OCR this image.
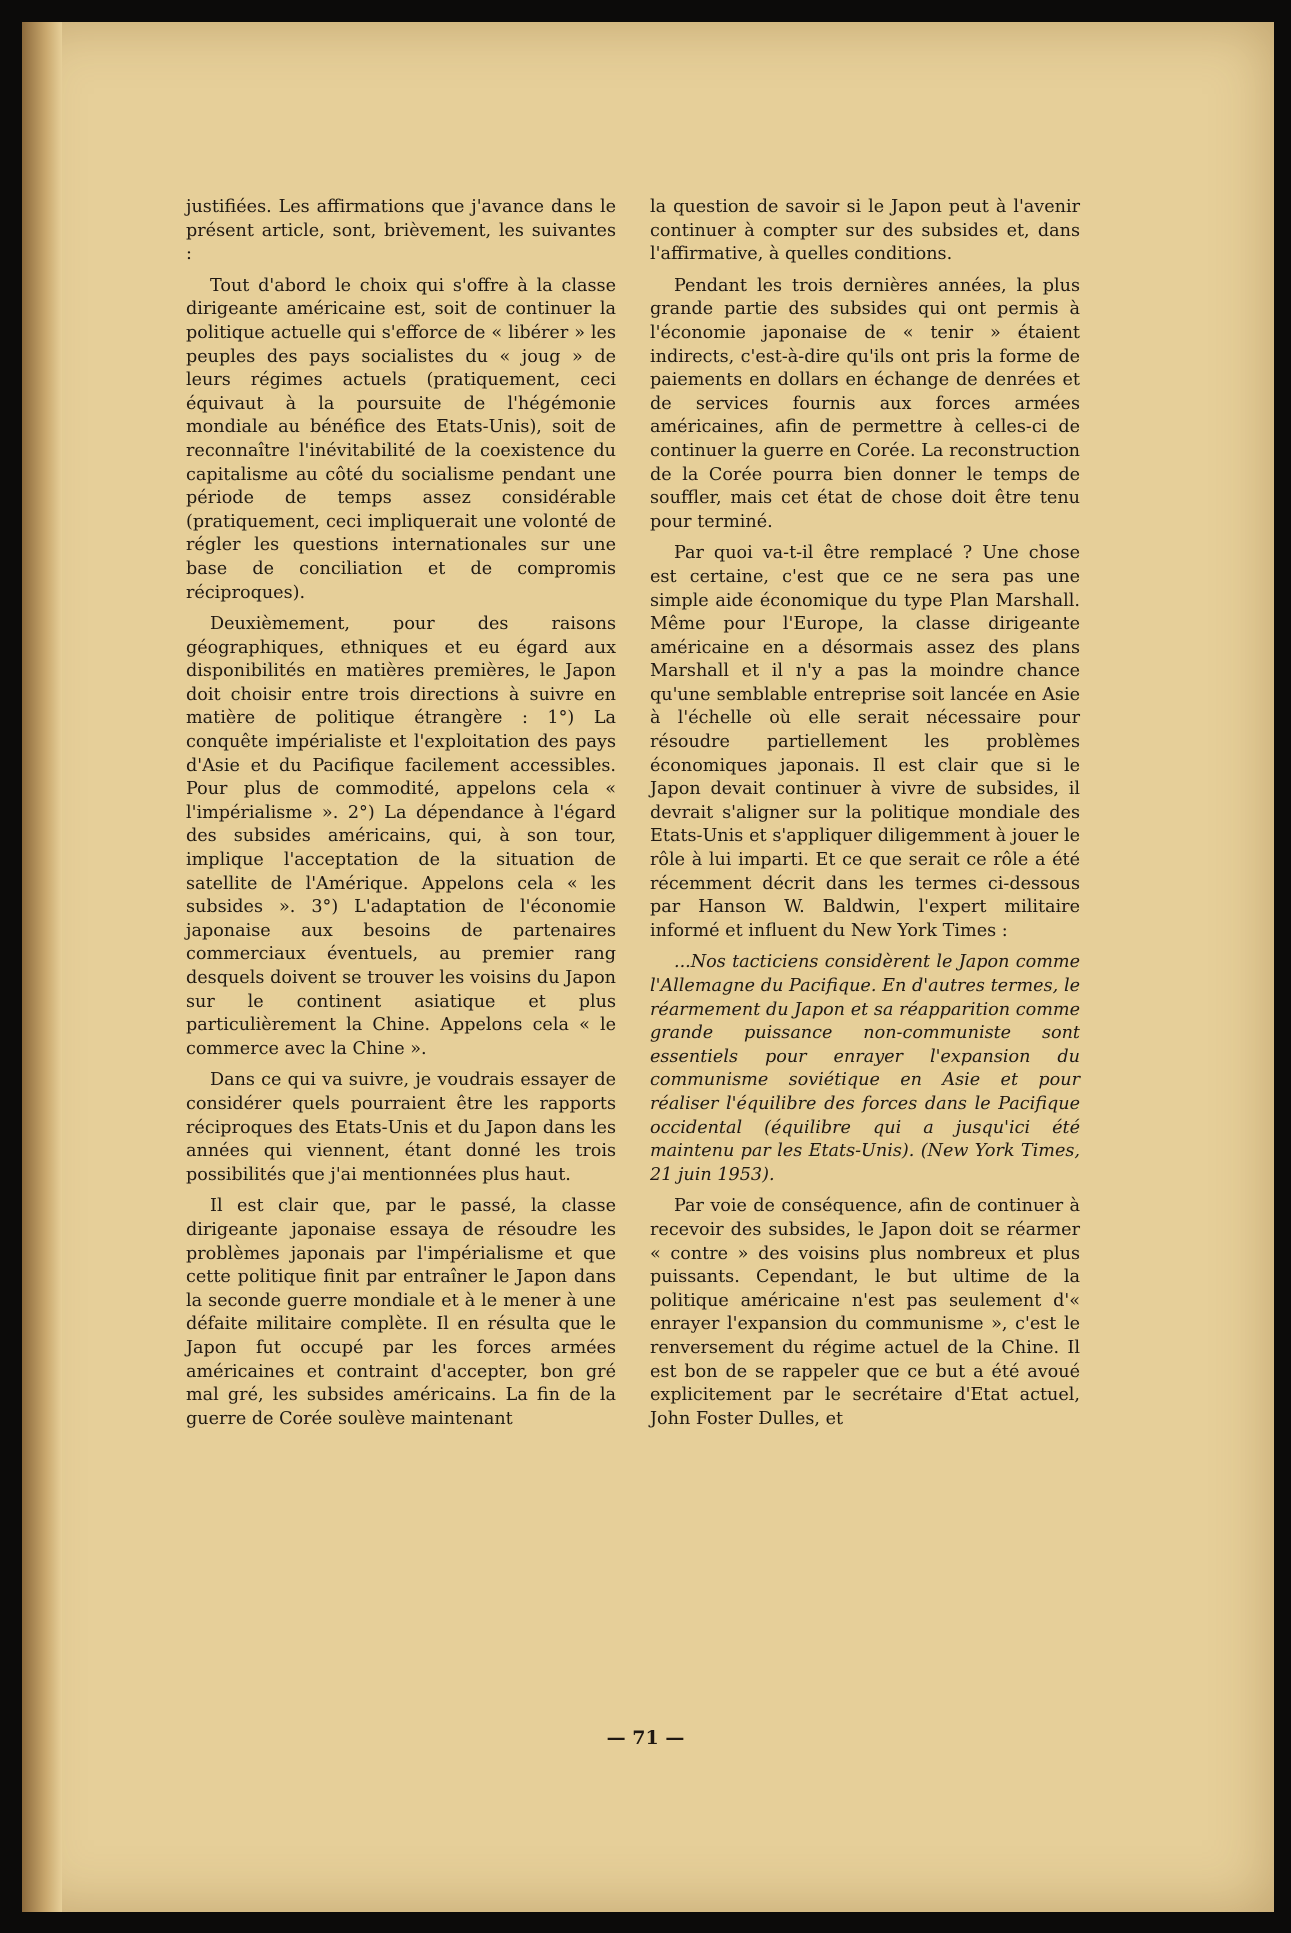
justifiées. Les affirmations que j'avance dans le présent article, sont, brièvement, les suivantes :

Tout d'abord le choix qui s'offre à la classe dirigeante américaine est, soit de continuer la politique actuelle qui s'efforce de « libérer » les peuples des pays socialistes du « joug » de leurs régimes actuels (pratiquement, ceci équivaut à la poursuite de l'hégémonie mondiale au bénéfice des Etats-Unis), soit de reconnaître l'inévitabilité de la coexistence du capitalisme au côté du socialisme pendant une période de temps assez considérable (pratiquement, ceci impliquerait une volonté de régler les questions internationales sur une base de conciliation et de compromis réciproques).

Deuxièmement, pour des raisons géographiques, ethniques et eu égard aux disponibilités en matières premières, le Japon doit choisir entre trois directions à suivre en matière de politique étrangère : 1°) La conquête impérialiste et l'exploitation des pays d'Asie et du Pacifique facilement accessibles. Pour plus de commodité, appelons cela « l'impérialisme ». 2°) La dépendance à l'égard des subsides américains, qui, à son tour, implique l'acceptation de la situation de satellite de l'Amérique. Appelons cela « les subsides ». 3°) L'adaptation de l'économie japonaise aux besoins de partenaires commerciaux éventuels, au premier rang desquels doivent se trouver les voisins du Japon sur le continent asiatique et plus particulièrement la Chine. Appelons cela « le commerce avec la Chine ».

Dans ce qui va suivre, je voudrais essayer de considérer quels pourraient être les rapports réciproques des Etats-Unis et du Japon dans les années qui viennent, étant donné les trois possibilités que j'ai mentionnées plus haut.

Il est clair que, par le passé, la classe dirigeante japonaise essaya de résoudre les problèmes japonais par l'impérialisme et que cette politique finit par entraîner le Japon dans la seconde guerre mondiale et à le mener à une défaite militaire complète. Il en résulta que le Japon fut occupé par les forces armées américaines et contraint d'accepter, bon gré mal gré, les subsides américains. La fin de la guerre de Corée soulève maintenant

la question de savoir si le Japon peut à l'avenir continuer à compter sur des subsides et, dans l'affirmative, à quelles conditions.

Pendant les trois dernières années, la plus grande partie des subsides qui ont permis à l'économie japonaise de « tenir » étaient indirects, c'est-à-dire qu'ils ont pris la forme de paiements en dollars en échange de denrées et de services fournis aux forces armées américaines, afin de permettre à celles-ci de continuer la guerre en Corée. La reconstruction de la Corée pourra bien donner le temps de souffler, mais cet état de chose doit être tenu pour terminé.

Par quoi va-t-il être remplacé ? Une chose est certaine, c'est que ce ne sera pas une simple aide économique du type Plan Marshall. Même pour l'Europe, la classe dirigeante américaine en a désormais assez des plans Marshall et il n'y a pas la moindre chance qu'une semblable entreprise soit lancée en Asie à l'échelle où elle serait nécessaire pour résoudre partiellement les problèmes économiques japonais. Il est clair que si le Japon devait continuer à vivre de subsides, il devrait s'aligner sur la politique mondiale des Etats-Unis et s'appliquer diligemment à jouer le rôle à lui imparti. Et ce que serait ce rôle a été récemment décrit dans les termes ci-dessous par Hanson W. Baldwin, l'expert militaire informé et influent du New York Times :

...Nos tacticiens considèrent le Japon comme l'Allemagne du Pacifique. En d'autres termes, le réarmement du Japon et sa réapparition comme grande puissance non-communiste sont essentiels pour enrayer l'expansion du communisme soviétique en Asie et pour réaliser l'équilibre des forces dans le Pacifique occidental (équilibre qui a jusqu'ici été maintenu par les Etats-Unis). (New York Times, 21 juin 1953).

Par voie de conséquence, afin de continuer à recevoir des subsides, le Japon doit se réarmer « contre » des voisins plus nombreux et plus puissants. Cependant, le but ultime de la politique américaine n'est pas seulement d'« enrayer l'expansion du communisme », c'est le renversement du régime actuel de la Chine. Il est bon de se rappeler que ce but a été avoué explicitement par le secrétaire d'Etat actuel, John Foster Dulles, et

— 71 —
